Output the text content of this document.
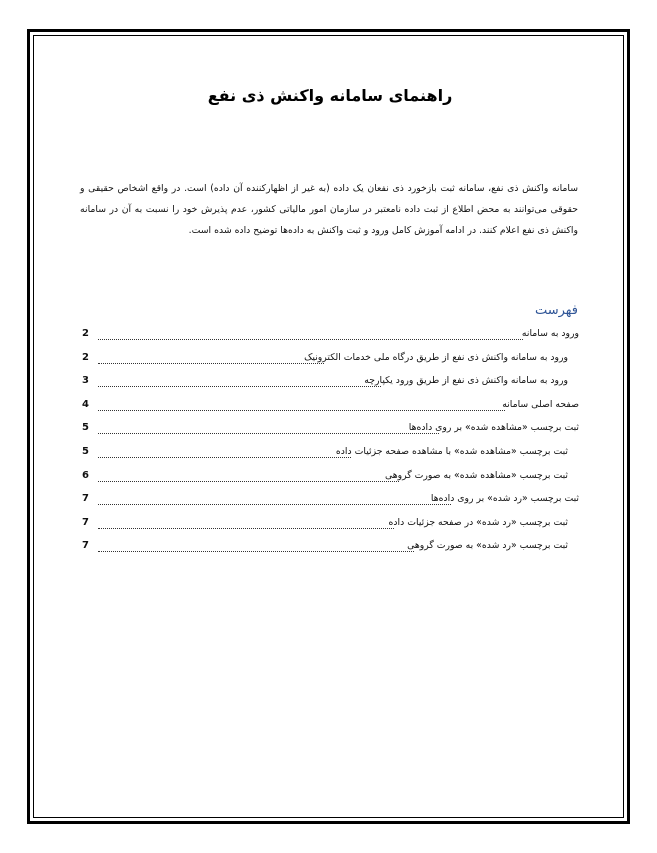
راهنمای سامانه واکنش ذی نفع

سامانه واکنش ذی نفع، سامانه ثبت بازخورد ذی نفعان یک داده (به غیر از اظهارکننده آن داده) است. در واقع اشخاص حقیقی و حقوقی می‌توانند به محض اطلاع از ثبت داده نامعتبر در سازمان امور مالیاتی کشور، عدم پذیرش خود را نسبت به آن در سامانه واکنش ذی نفع اعلام کنند. در ادامه آموزش کامل ورود و ثبت واکنش به داده‌ها توضیح داده شده است.

فهرست
ورود به سامانه
2
ورود به سامانه واکنش ذی نفع از طریق درگاه ملی خدمات الکترونیک
2
ورود به سامانه واکنش ذی نفع از طریق ورود یکپارچه
3
صفحه اصلی سامانه
4
ثبت برچسب «مشاهده شده» بر روی داده‌ها
5
ثبت برچسب «مشاهده شده» با مشاهده صفحه جزئیات داده
5
ثبت برچسب «مشاهده شده» به صورت گروهی
6
ثبت برچسب «رد شده» بر روی داده‌ها
7
ثبت برچسب «رد شده» در صفحه جزئیات داده
7
ثبت برچسب «رد شده» به صورت گروهی
7
